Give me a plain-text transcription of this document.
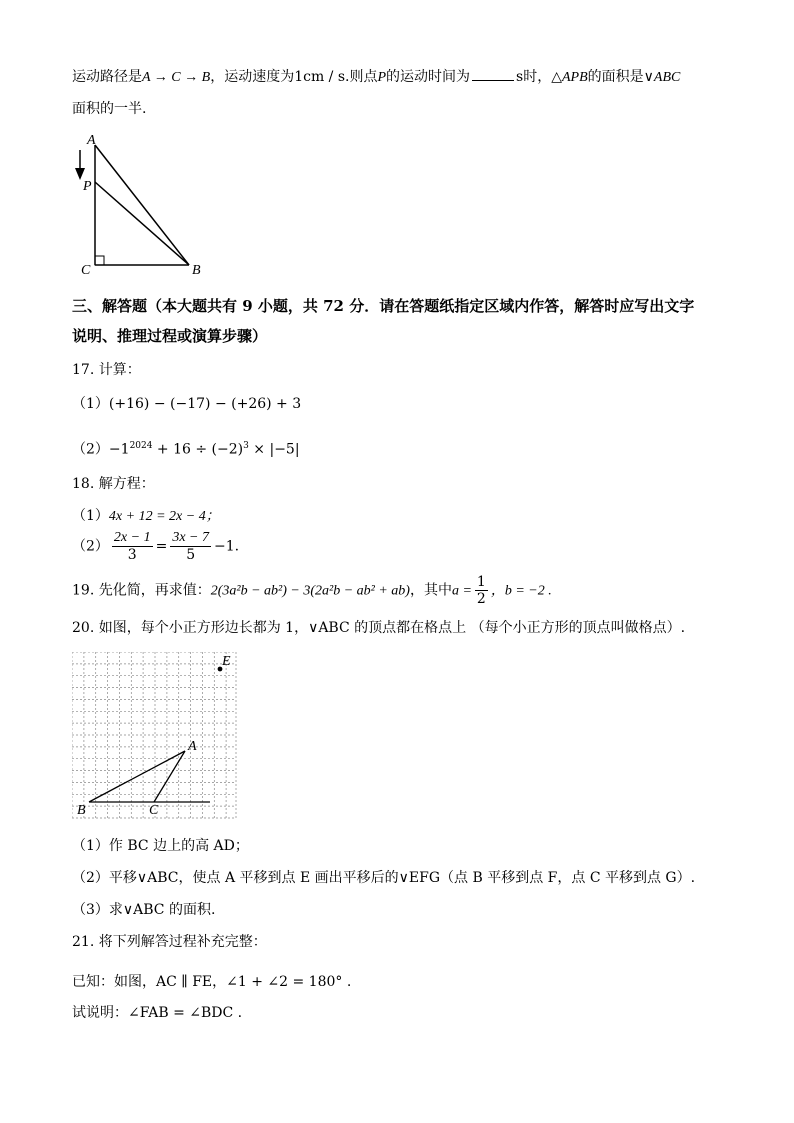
运动路径是A → C → B，运动速度为1cm / s.则点P的运动时间为	s时，△APB的面积是∨ABC
面积的一半.
A
P
C	B
三、解答题（本大题共有 9 小题，共 72 分．请在答题纸指定区域内作答，解答时应写出文字
说明、推理过程或演算步骤）
17. 计算：
（1）(+16) − (−17) − (+26) + 3
$(2)-1^{2024} + 16 \div (-2)^3 \times |-5|$
18. 解方程：
（1）4x + 12 = 2x − 4；
$(2) \frac{2x - 1}{3} = \frac{3x - 7}{5} -1$.
19. 先化简，再求值：2(3a²b − ab²) − 3(2a²b − ab² + ab)，其中$a = \frac{1}{2}$ ，b = −2 .
20. 如图，每个小正方形边长都为 1，∨ABC 的顶点都在格点上 （每个小正方形的顶点叫做格点）.
E
A
B	C
（1）作 BC 边上的高 AD；
（2）平移∨ABC，使点 A 平移到点 E 画出平移后的∨EFG（点 B 平移到点 F，点 C 平移到点 G）.
（3）求∨ABC 的面积.
21. 将下列解答过程补充完整：
已知：如图，AC ∥ FE，∠1 + ∠2 = 180° .
试说明：∠FAB = ∠BDC .
